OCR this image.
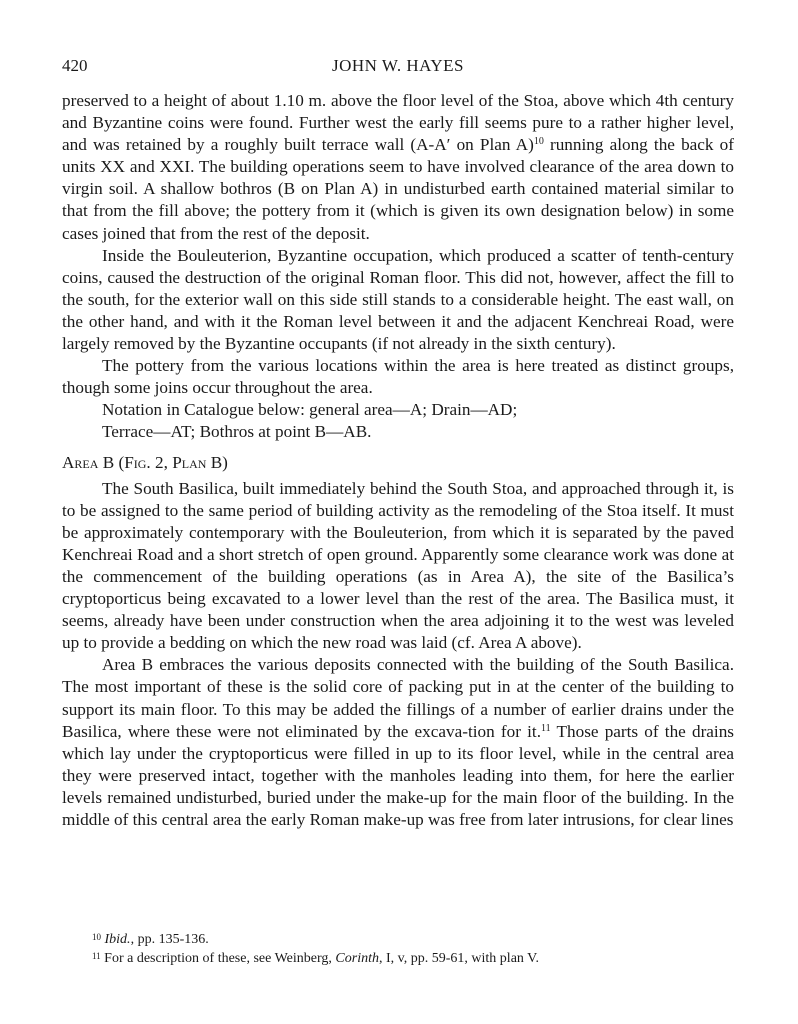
420	JOHN W. HAYES

preserved to a height of about 1.10 m. above the floor level of the Stoa, above which 4th century and Byzantine coins were found. Further west the early fill seems pure to a rather higher level, and was retained by a roughly built terrace wall (A-A′ on Plan A)$^{10}$ running along the back of units XX and XXI. The building operations seem to have involved clearance of the area down to virgin soil. A shallow bothros (B on Plan A) in undisturbed earth contained material similar to that from the fill above; the pottery from it (which is given its own designation below) in some cases joined that from the rest of the deposit.

Inside the Bouleuterion, Byzantine occupation, which produced a scatter of tenth-century coins, caused the destruction of the original Roman floor. This did not, however, affect the fill to the south, for the exterior wall on this side still stands to a considerable height. The east wall, on the other hand, and with it the Roman level between it and the adjacent Kenchreai Road, were largely removed by the Byzantine occupants (if not already in the sixth century).

The pottery from the various locations within the area is here treated as distinct groups, though some joins occur throughout the area.

Notation in Catalogue below: general area—A; Drain—AD;

Terrace—AT; Bothros at point B—AB.

Area B (Fig. 2, Plan B)

The South Basilica, built immediately behind the South Stoa, and approached through it, is to be assigned to the same period of building activity as the remodeling of the Stoa itself. It must be approximately contemporary with the Bouleuterion, from which it is separated by the paved Kenchreai Road and a short stretch of open ground. Apparently some clearance work was done at the commencement of the building operations (as in Area A), the site of the Basilica’s cryptoporticus being excavated to a lower level than the rest of the area. The Basilica must, it seems, already have been under construction when the area adjoining it to the west was leveled up to provide a bedding on which the new road was laid (cf. Area A above).

Area B embraces the various deposits connected with the building of the South Basilica. The most important of these is the solid core of packing put in at the center of the building to support its main floor. To this may be added the fillings of a number of earlier drains under the Basilica, where these were not eliminated by the excava-tion for it.$^{11}$ Those parts of the drains which lay under the cryptoporticus were filled in up to its floor level, while in the central area they were preserved intact, together with the manholes leading into them, for here the earlier levels remained undisturbed, buried under the make-up for the main floor of the building. In the middle of this central area the early Roman make-up was free from later intrusions, for clear lines

$^{10}$ Ibid., pp. 135-136.

$^{11}$ For a description of these, see Weinberg, Corinth, I, v, pp. 59-61, with plan V.
